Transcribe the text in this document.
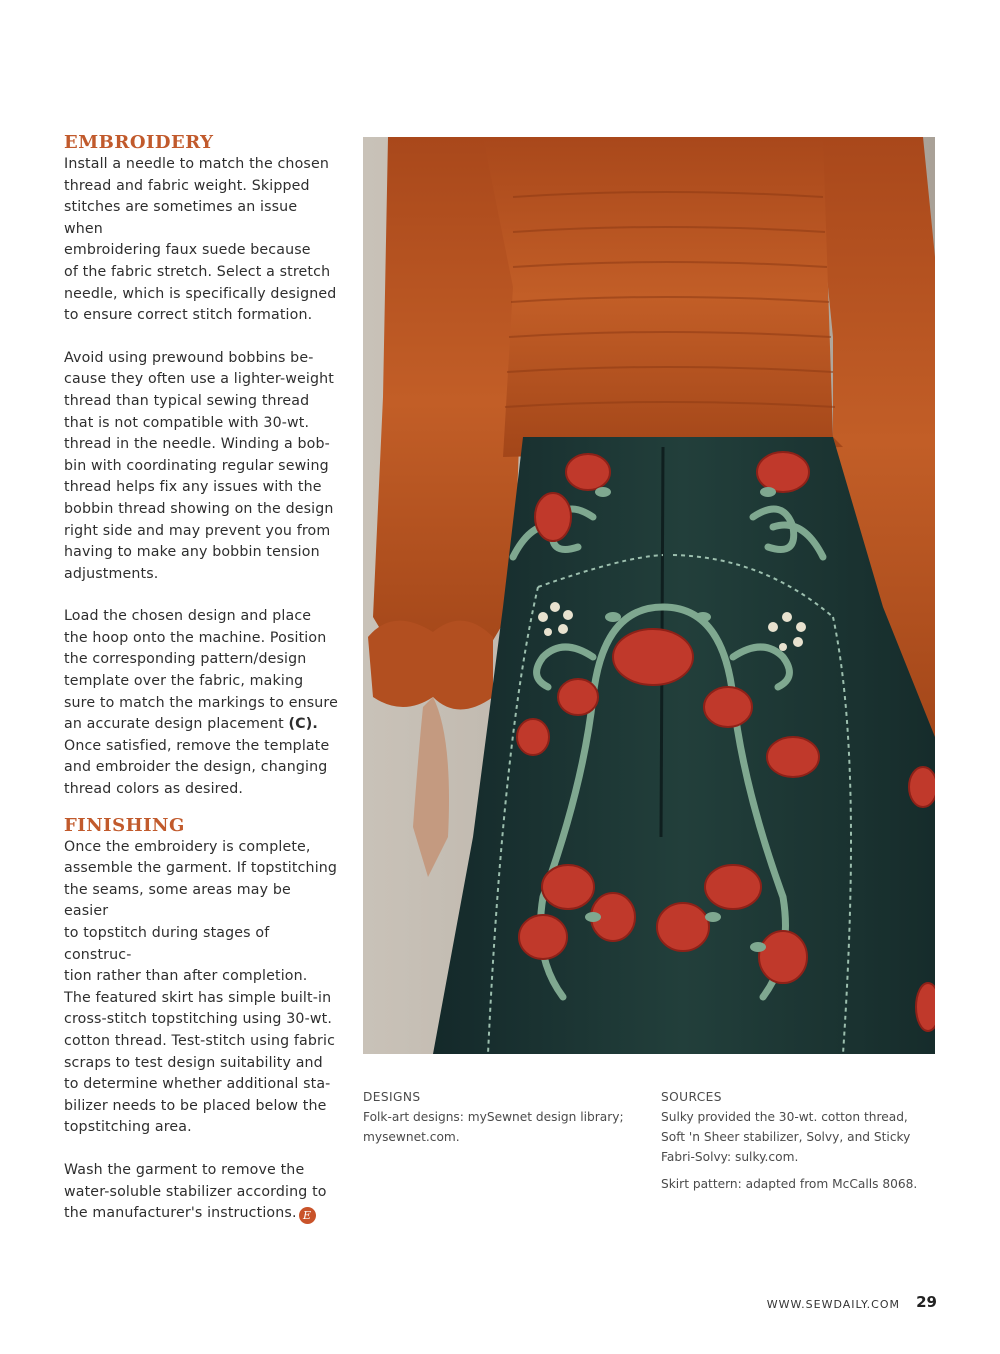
EMBROIDERY

Install a needle to match the chosen
thread and fabric weight. Skipped
stitches are sometimes an issue when
embroidering faux suede because
of the fabric stretch. Select a stretch
needle, which is specifically designed
to ensure correct stitch formation.

Avoid using prewound bobbins be-
cause they often use a lighter-weight
thread than typical sewing thread
that is not compatible with 30-wt.
thread in the needle. Winding a bob-
bin with coordinating regular sewing
thread helps fix any issues with the
bobbin thread showing on the design
right side and may prevent you from
having to make any bobbin tension
adjustments.

Load the chosen design and place
the hoop onto the machine. Position
the corresponding pattern/design
template over the fabric, making
sure to match the markings to ensure
an accurate design placement (C).
Once satisfied, remove the template
and embroider the design, changing
thread colors as desired.

FINISHING

Once the embroidery is complete,
assemble the garment. If topstitching
the seams, some areas may be easier
to topstitch during stages of construc-
tion rather than after completion.
The featured skirt has simple built-in
cross-stitch topstitching using 30-wt.
cotton thread. Test-stitch using fabric
scraps to test design suitability and
to determine whether additional sta-
bilizer needs to be placed below the
topstitching area.

Wash the garment to remove the
water-soluble stabilizer according to
the manufacturer's instructions. E

DESIGNS
Folk-art designs: mySewnet design library;
mysewnet.com.
SOURCES
Sulky provided the 30-wt. cotton thread,
Soft 'n Sheer stabilizer, Solvy, and Sticky
Fabri-Solvy: sulky.com.
Skirt pattern: adapted from McCalls 8068.
WWW.SEWDAILY.COM 29
